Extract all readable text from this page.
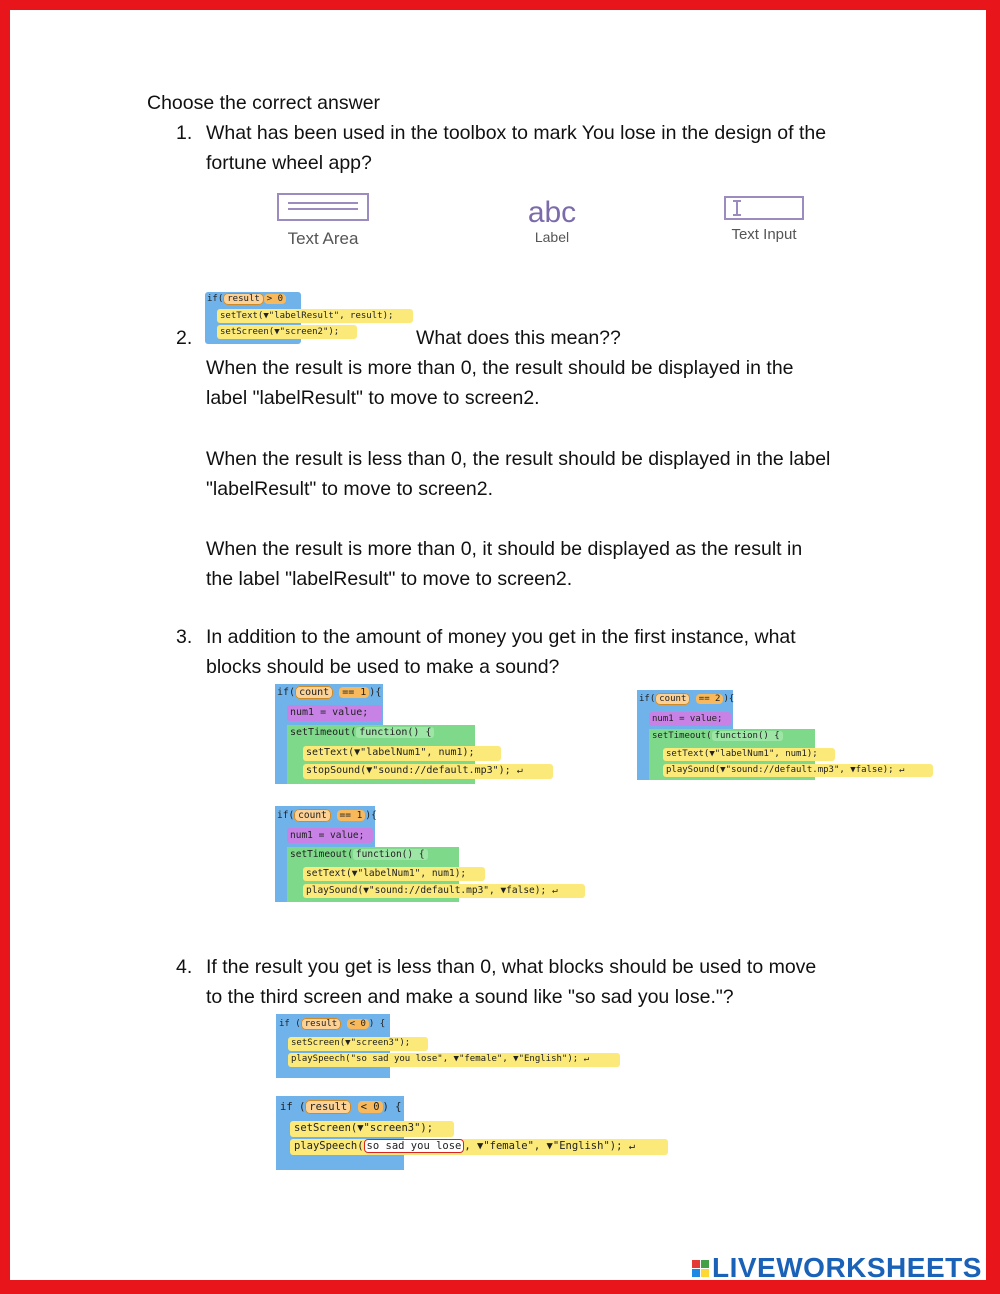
Choose the correct answer
1. What has been used in the toolbox to mark You lose in the design of the
fortune wheel app?
Text Area
abc
Label	Text Input
2.
if( result > 0
setText(▼"labelResult", result);
setScreen(▼"screen2");	What does this mean??
When the result is more than 0, the result should be displayed in the
label "labelResult" to move to screen2.
When the result is less than 0, the result should be displayed in the label
"labelResult" to move to screen2.
When the result is more than 0, it should be displayed as the result in
the label "labelResult" to move to screen2.
3. In addition to the amount of money you get in the first instance, what
blocks should be used to make a sound?
if( count == 1 ){
num1 = value;
setTimeout( function() {
setText(▼"labelNum1", num1);
stopSound(▼"sound://default.mp3"); ↵
if( count == 2 ){
num1 = value;
setTimeout( function() {
setText(▼"labelNum1", num1);
playSound(▼"sound://default.mp3", ▼false); ↵
if( count == 1 ){
num1 = value;
setTimeout( function() {
setText(▼"labelNum1", num1);
playSound(▼"sound://default.mp3", ▼false); ↵
4. If the result you get is less than 0, what blocks should be used to move
to the third screen and make a sound like "so sad you lose."?
if ( result < 0 ) {
setScreen(▼"screen3");
playSpeech("so sad you lose", ▼"female", ▼"English"); ↵
if ( result < 0 ) {
setScreen(▼"screen3");
playSpeech( so sad you lose , ▼"female", ▼"English"); ↵
LIVEWORKSHEETS
